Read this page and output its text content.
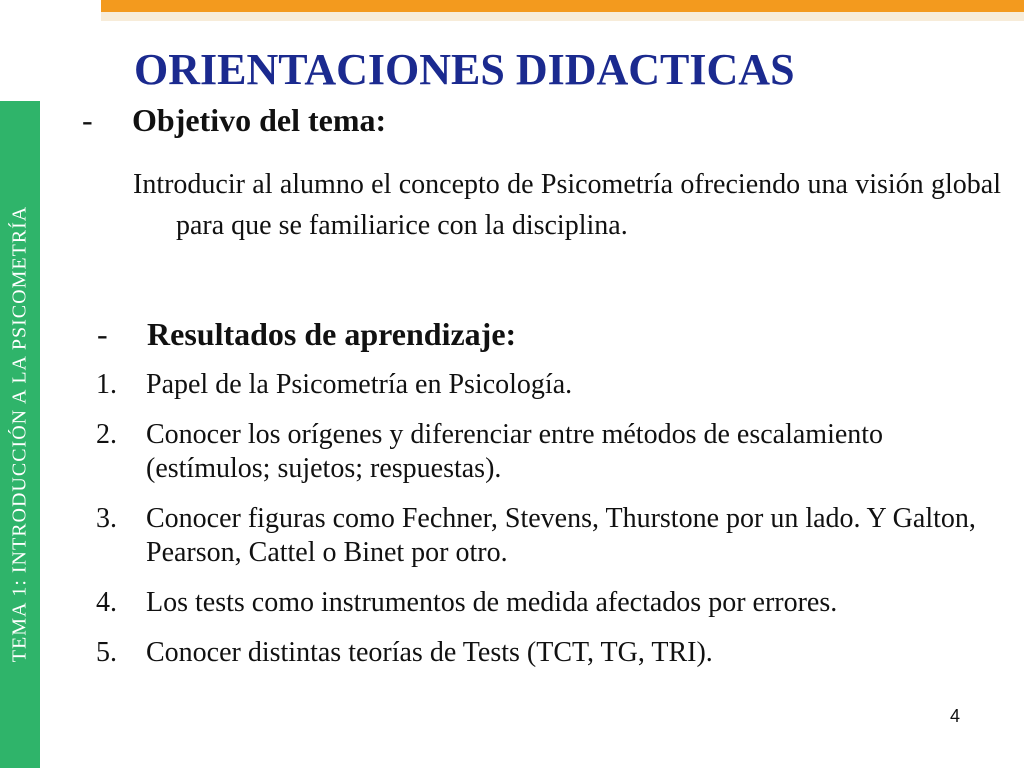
TEMA 1: INTRODUCCIÓN A LA PSICOMETRÍA
ORIENTACIONES DIDACTICAS
- Objetivo del tema:
Introducir al alumno el concepto de Psicometría ofreciendo una visión global para que se familiarice con la disciplina.
- Resultados de aprendizaje:
1. Papel de la Psicometría en Psicología.
2. Conocer los orígenes y diferenciar entre métodos de escalamiento (estímulos; sujetos; respuestas).
3. Conocer figuras como Fechner, Stevens, Thurstone por un lado. Y Galton, Pearson, Cattel o Binet por otro.
4. Los tests como instrumentos de medida afectados por errores.
5. Conocer distintas teorías de Tests (TCT, TG, TRI).
4
